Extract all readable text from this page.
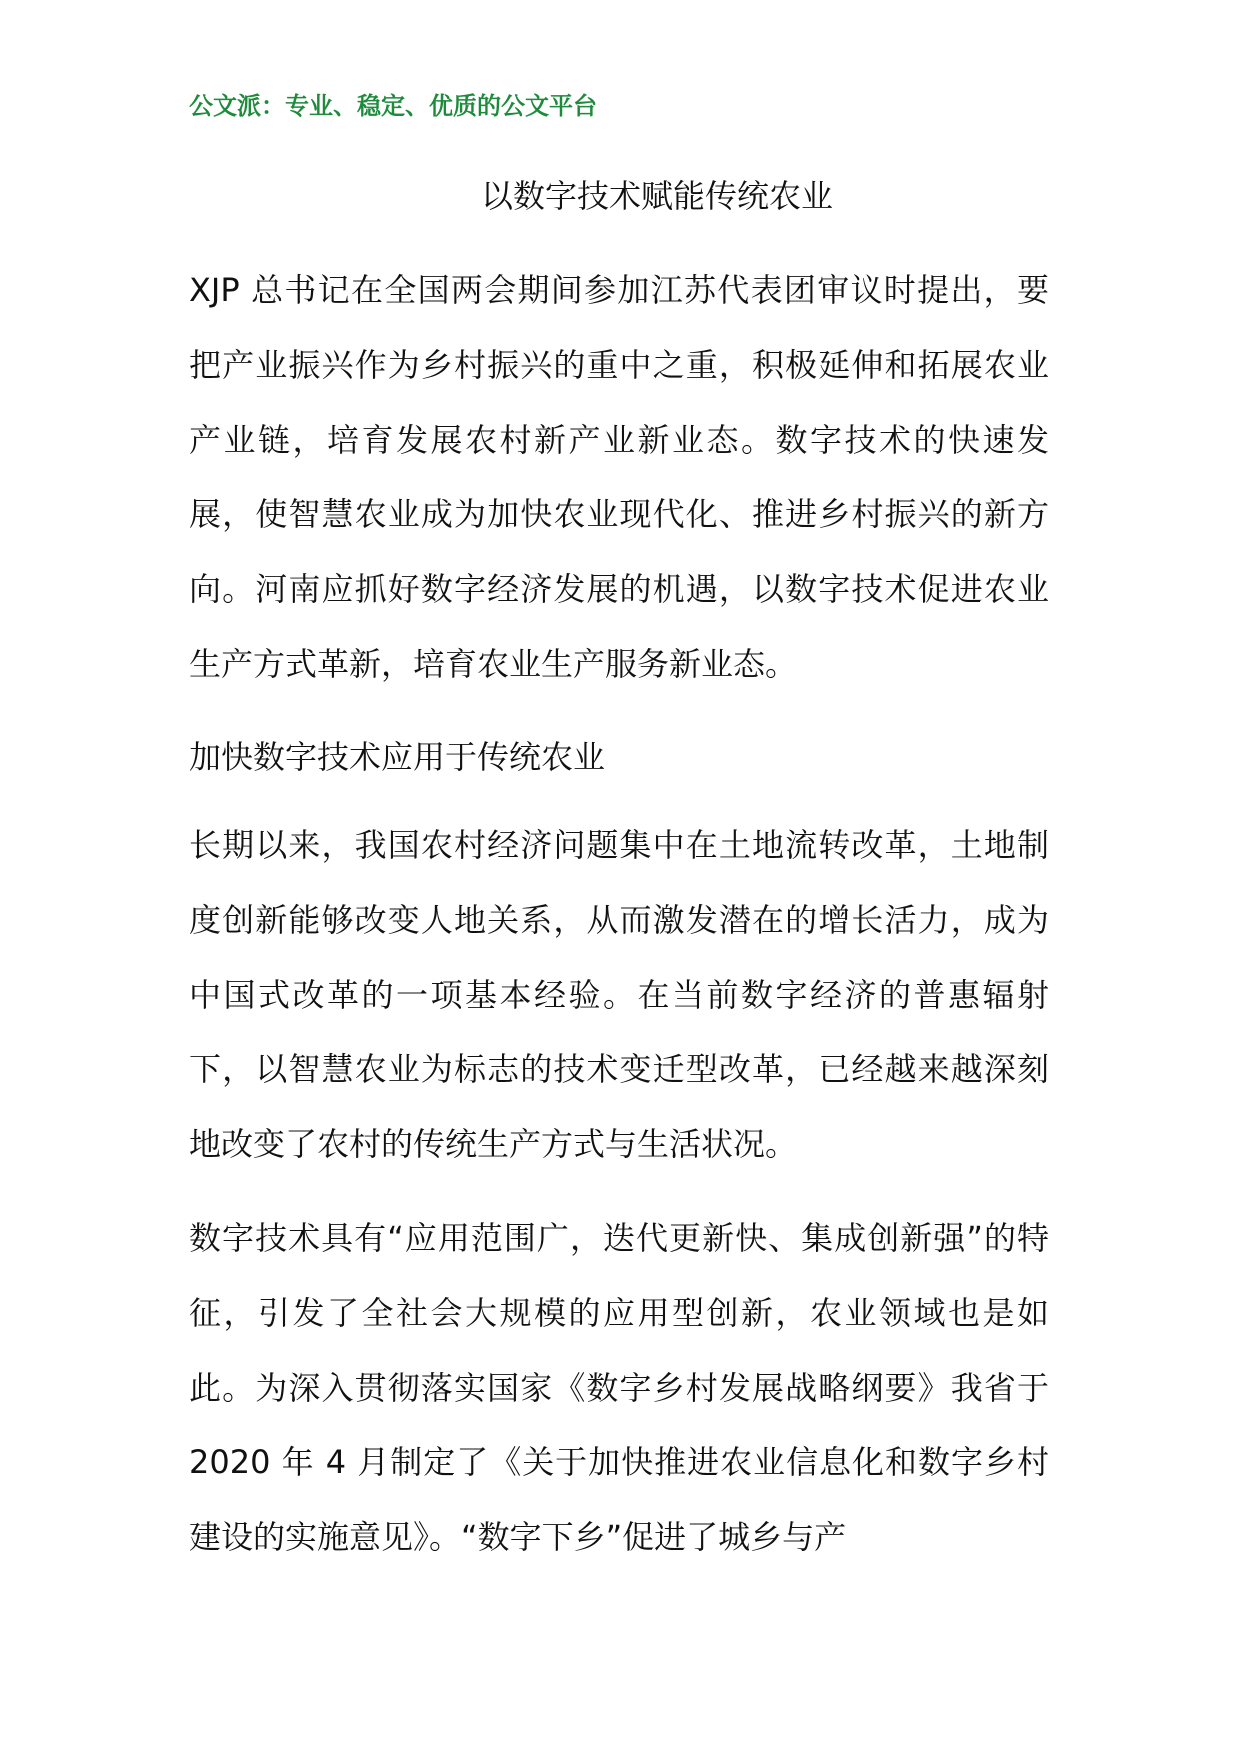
公文派：专业、稳定、优质的公文平台
以数字技术赋能传统农业

XJP 总书记在全国两会期间参加江苏代表团审议时提出，要把产业振兴作为乡村振兴的重中之重，积极延伸和拓展农业产业链，培育发展农村新产业新业态。数字技术的快速发展，使智慧农业成为加快农业现代化、推进乡村振兴的新方向。河南应抓好数字经济发展的机遇，以数字技术促进农业生产方式革新，培育农业生产服务新业态。

加快数字技术应用于传统农业

长期以来，我国农村经济问题集中在土地流转改革，土地制度创新能够改变人地关系，从而激发潜在的增长活力，成为中国式改革的一项基本经验。在当前数字经济的普惠辐射下，以智慧农业为标志的技术变迁型改革，已经越来越深刻地改变了农村的传统生产方式与生活状况。

数字技术具有“应用范围广，迭代更新快、集成创新强”的特征，引发了全社会大规模的应用型创新，农业领域也是如此。为深入贯彻落实国家《数字乡村发展战略纲要》我省于 2020 年 4 月制定了《关于加快推进农业信息化和数字乡村建设的实施意见》。“数字下乡”促进了城乡与产
